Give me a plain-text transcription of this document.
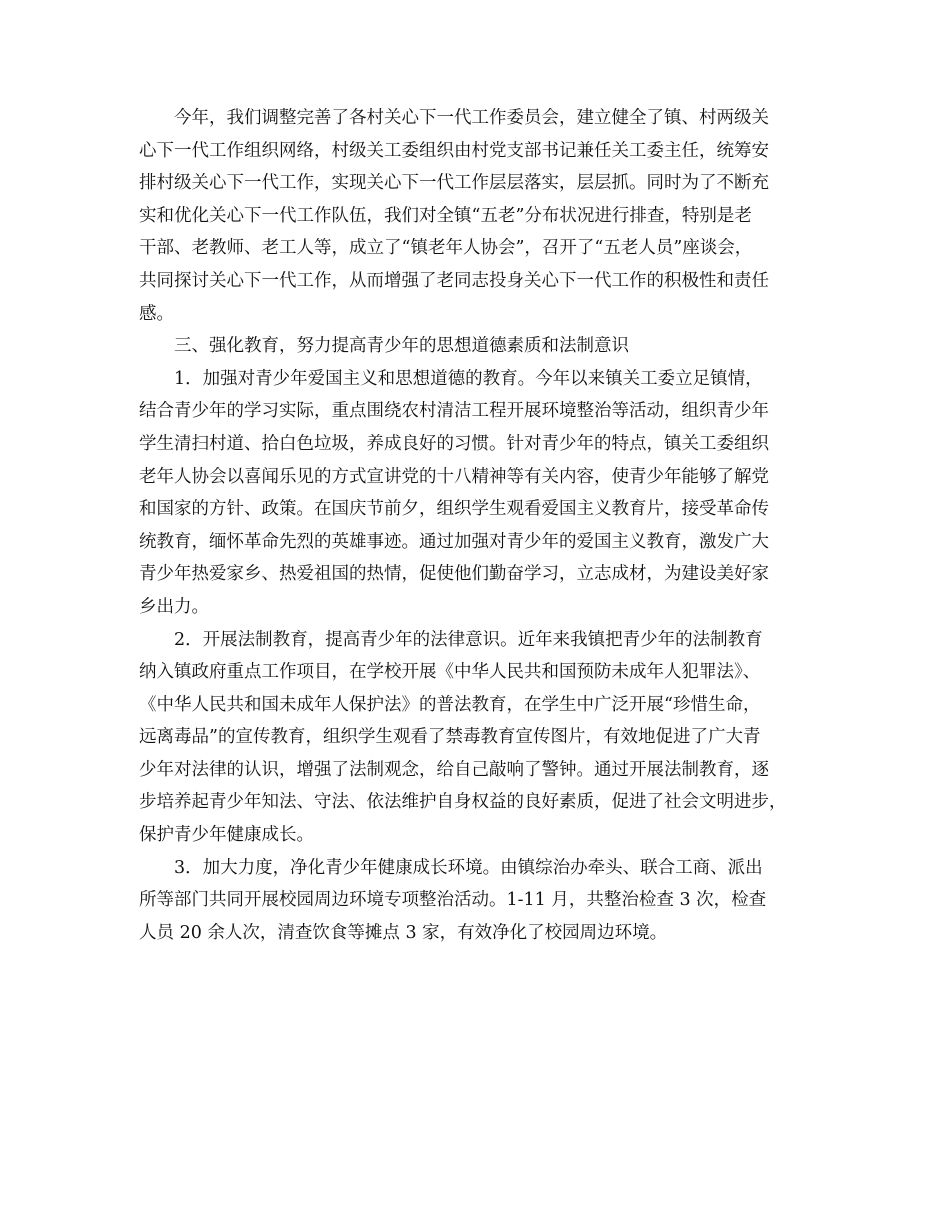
今年，我们调整完善了各村关心下一代工作委员会，建立健全了镇、村两级关
心下一代工作组织网络，村级关工委组织由村党支部书记兼任关工委主任，统筹安
排村级关心下一代工作，实现关心下一代工作层层落实，层层抓。同时为了不断充
实和优化关心下一代工作队伍，我们对全镇“五老”分布状况进行排查，特别是老
干部、老教师、老工人等，成立了“镇老年人协会”，召开了“五老人员”座谈会，
共同探讨关心下一代工作，从而增强了老同志投身关心下一代工作的积极性和责任
感。
三、强化教育，努力提高青少年的思想道德素质和法制意识
1．加强对青少年爱国主义和思想道德的教育。今年以来镇关工委立足镇情，
结合青少年的学习实际，重点围绕农村清洁工程开展环境整治等活动，组织青少年
学生清扫村道、拾白色垃圾，养成良好的习惯。针对青少年的特点，镇关工委组织
老年人协会以喜闻乐见的方式宣讲党的十八精神等有关内容，使青少年能够了解党
和国家的方针、政策。在国庆节前夕，组织学生观看爱国主义教育片，接受革命传
统教育，缅怀革命先烈的英雄事迹。通过加强对青少年的爱国主义教育，激发广大
青少年热爱家乡、热爱祖国的热情，促使他们勤奋学习，立志成材，为建设美好家
乡出力。
2．开展法制教育，提高青少年的法律意识。近年来我镇把青少年的法制教育
纳入镇政府重点工作项目，在学校开展《中华人民共和国预防未成年人犯罪法》、
《中华人民共和国未成年人保护法》的普法教育，在学生中广泛开展“珍惜生命，
远离毒品”的宣传教育，组织学生观看了禁毒教育宣传图片，有效地促进了广大青
少年对法律的认识，增强了法制观念，给自己敲响了警钟。通过开展法制教育，逐
步培养起青少年知法、守法、依法维护自身权益的良好素质，促进了社会文明进步，
保护青少年健康成长。
3．加大力度，净化青少年健康成长环境。由镇综治办牵头、联合工商、派出
所等部门共同开展校园周边环境专项整治活动。1-11 月，共整治检查 3 次，检查
人员 20 余人次，清查饮食等摊点 3 家，有效净化了校园周边环境。
